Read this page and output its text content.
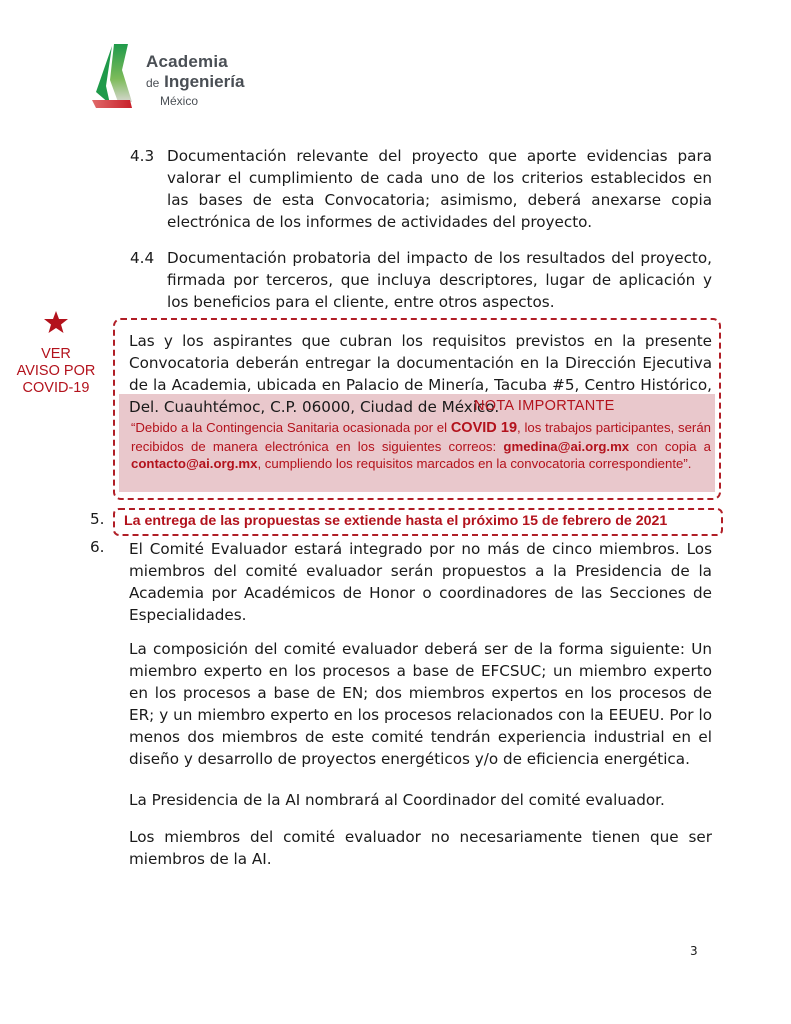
Academia
de Ingeniería
México
4.3 Documentación relevante del proyecto que aporte evidencias para valorar el cumplimiento de cada uno de los criterios establecidos en las bases de esta Convocatoria; asimismo, deberá anexarse copia electrónica de los informes de actividades del proyecto.
4.4 Documentación probatoria del impacto de los resultados del proyecto, firmada por terceros, que incluya descriptores, lugar de aplicación y los beneficios para el cliente, entre otros aspectos.
VER
AVISO POR
COVID-19
Las y los aspirantes que cubran los requisitos previstos en la presente Convocatoria deberán entregar la documentación en la Dirección Ejecutiva de la Academia, ubicada en Palacio de Minería, Tacuba #5, Centro Histórico, Del. Cuauhtémoc, C.P. 06000, Ciudad de México.
NOTA IMPORTANTE
“Debido a la Contingencia Sanitaria ocasionada por el COVID 19, los trabajos participantes, serán recibidos de manera electrónica en los siguientes correos: gmedina@ai.org.mx con copia a contacto@ai.org.mx, cumpliendo los requisitos marcados en la convocatoria correspondiente”.
5. La entrega de las propuestas se extiende hasta el próximo 15 de febrero de 2021
6. El Comité Evaluador estará integrado por no más de cinco miembros. Los miembros del comité evaluador serán propuestos a la Presidencia de la Academia por Académicos de Honor o coordinadores de las Secciones de Especialidades.
La composición del comité evaluador deberá ser de la forma siguiente: Un miembro experto en los procesos a base de EFCSUC; un miembro experto en los procesos a base de EN; dos miembros expertos en los procesos de ER; y un miembro experto en los procesos relacionados con la EEUEU. Por lo menos dos miembros de este comité tendrán experiencia industrial en el diseño y desarrollo de proyectos energéticos y/o de eficiencia energética.
La Presidencia de la AI nombrará al Coordinador del comité evaluador.
Los miembros del comité evaluador no necesariamente tienen que ser miembros de la AI.
3
